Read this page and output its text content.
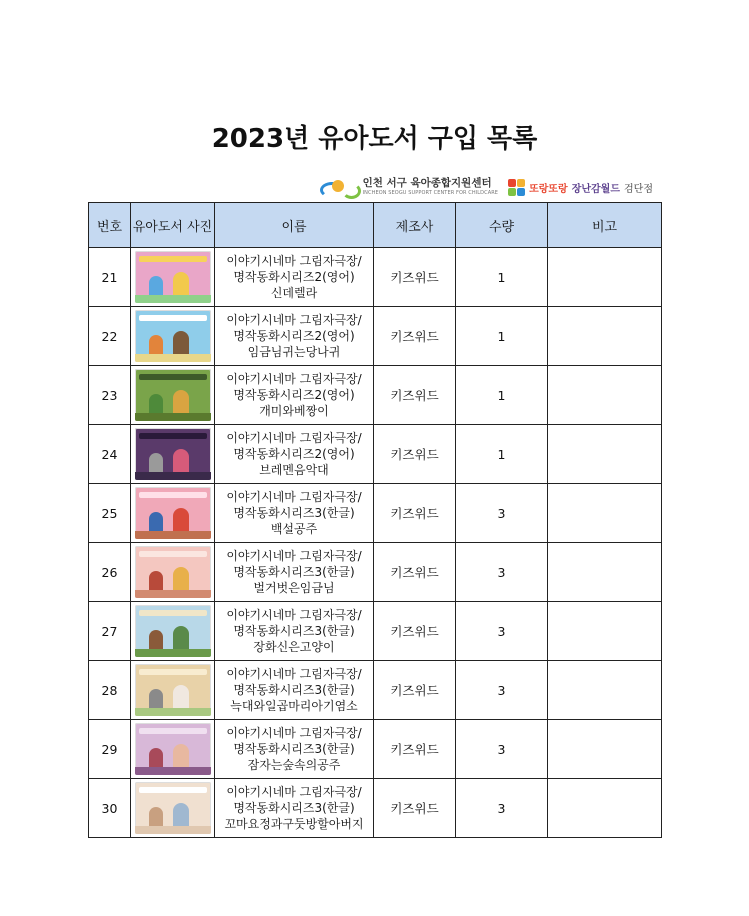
2023년 유아도서 구입 목록
인천 서구 육아종합지원센터
INCHEON SEOGU SUPPORT CENTER FOR CHILDCARE	또랑또랑 장난감월드 검단점
번호	유아도서 사진	이름	제조사	수량	비고
21		이야기시네마 그림자극장/
명작동화시리즈2(영어)
신데렐라	키즈위드	1	
22		이야기시네마 그림자극장/
명작동화시리즈2(영어)
임금님귀는당나귀	키즈위드	1	
23		이야기시네마 그림자극장/
명작동화시리즈2(영어)
개미와베짱이	키즈위드	1	
24		이야기시네마 그림자극장/
명작동화시리즈2(영어)
브레멘음악대	키즈위드	1	
25		이야기시네마 그림자극장/
명작동화시리즈3(한글)
백설공주	키즈위드	3	
26		이야기시네마 그림자극장/
명작동화시리즈3(한글)
벌거벗은임금님	키즈위드	3	
27		이야기시네마 그림자극장/
명작동화시리즈3(한글)
장화신은고양이	키즈위드	3	
28		이야기시네마 그림자극장/
명작동화시리즈3(한글)
늑대와일곱마리아기염소	키즈위드	3	
29		이야기시네마 그림자극장/
명작동화시리즈3(한글)
잠자는숲속의공주	키즈위드	3	
30		이야기시네마 그림자극장/
명작동화시리즈3(한글)
꼬마요정과구둣방할아버지	키즈위드	3	
